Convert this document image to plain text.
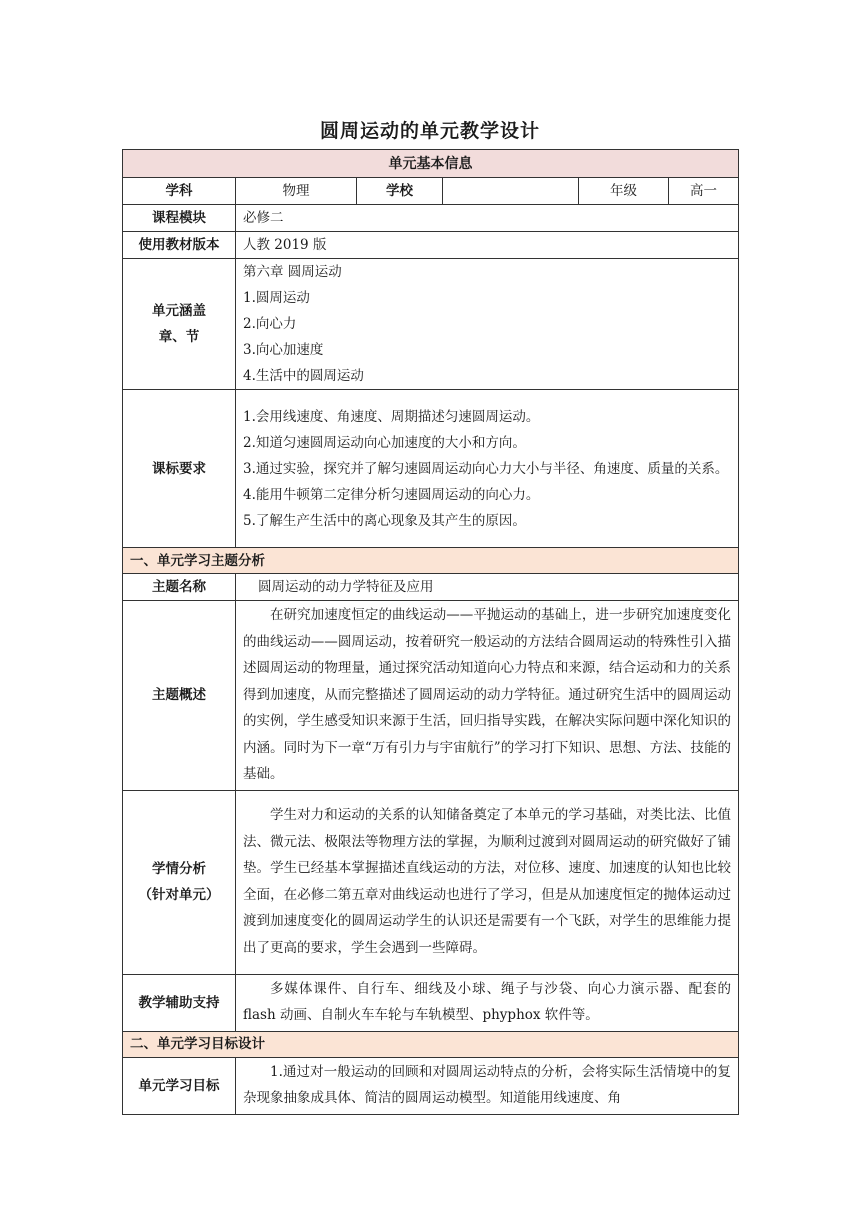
圆周运动的单元教学设计
单元基本信息					
学科	物理	学校		年级	高一
课程模块	必修二				
使用教材版本	人教 2019 版				

单元涵盖
章、节	第六章 圆周运动
1.圆周运动
2.向心力
3.向心加速度
4.生活中的圆周运动				

课标要求	1.会用线速度、角速度、周期描述匀速圆周运动。
2.知道匀速圆周运动向心加速度的大小和方向。
3.通过实验，探究并了解匀速圆周运动向心力大小与半径、角速度、质量的关系。
4.能用牛顿第二定律分析匀速圆周运动的向心力。
5.了解生产生活中的离心现象及其产生的原因。				

一、单元学习主题分析					
主题名称	圆周运动的动力学特征及应用				
主题概述	在研究加速度恒定的曲线运动——平抛运动的基础上，进一步研究加速度变化的曲线运动——圆周运动，按着研究一般运动的方法结合圆周运动的特殊性引入描述圆周运动的物理量，通过探究活动知道向心力特点和来源，结合运动和力的关系得到加速度，从而完整描述了圆周运动的动力学特征。通过研究生活中的圆周运动的实例，学生感受知识来源于生活，回归指导实践，在解决实际问题中深化知识的内涵。同时为下一章“万有引力与宇宙航行”的学习打下知识、思想、方法、技能的基础。				

学情分析
（针对单元）	学生对力和运动的关系的认知储备奠定了本单元的学习基础，对类比法、比值法、微元法、极限法等物理方法的掌握，为顺利过渡到对圆周运动的研究做好了铺垫。学生已经基本掌握描述直线运动的方法，对位移、速度、加速度的认知也比较全面，在必修二第五章对曲线运动也进行了学习，但是从加速度恒定的抛体运动过渡到加速度变化的圆周运动学生的认识还是需要有一个飞跃，对学生的思维能力提出了更高的要求，学生会遇到一些障碍。				
教学辅助支持	多媒体课件、自行车、细线及小球、绳子与沙袋、向心力演示器、配套的 flash 动画、自制火车车轮与车轨模型、phyphox 软件等。				
二、单元学习目标设计					
单元学习目标	1.通过对一般运动的回顾和对圆周运动特点的分析，会将实际生活情境中的复杂现象抽象成具体、简洁的圆周运动模型。知道能用线速度、角				
